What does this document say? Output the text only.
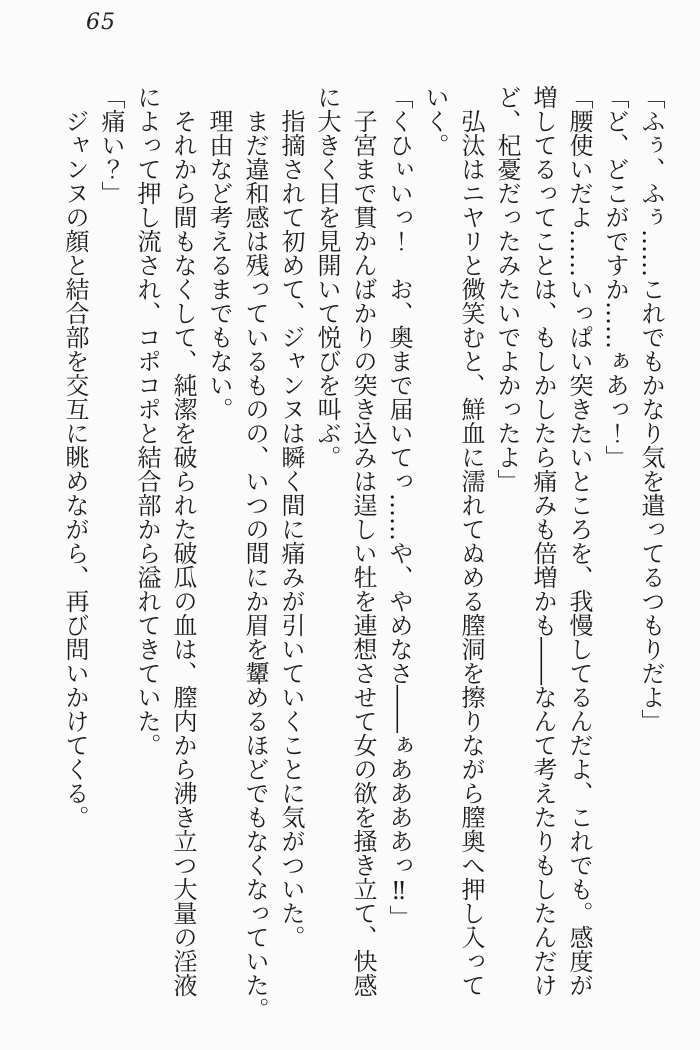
65
「ふぅ、ふぅ……これでもかなり気を遣ってるつもりだよ」
「ど、どこがですか……ぁあっ！」
「腰使いだよ……いっぱい突きたいところを、我慢してるんだよ、これでも。感度が
増してるってことは、もしかしたら痛みも倍増かも――なんて考えたりもしたんだけ
ど、杞憂だったみたいでよかったよ」
弘汰はニヤリと微笑むと、鮮血に濡れてぬめる膣洞を擦りながら膣奥へ押し入って
いく。
「くひぃいっ！　お、奥まで届いてっ……や、やめなさ――ぁああああっ‼」
子宮まで貫かんばかりの突き込みは逞しい牡を連想させて女の欲を掻き立て、快感
に大きく目を見開いて悦びを叫ぶ。
指摘されて初めて、ジャンヌは瞬く間に痛みが引いていくことに気がついた。
まだ違和感は残っているものの、いつの間にか眉を顰めるほどでもなくなっていた。
理由など考えるまでもない。
それから間もなくして、純潔を破られた破瓜の血は、膣内から沸き立つ大量の淫液
によって押し流され、コポコポと結合部から溢れてきていた。
「痛い？」
ジャンヌの顔と結合部を交互に眺めながら、再び問いかけてくる。
